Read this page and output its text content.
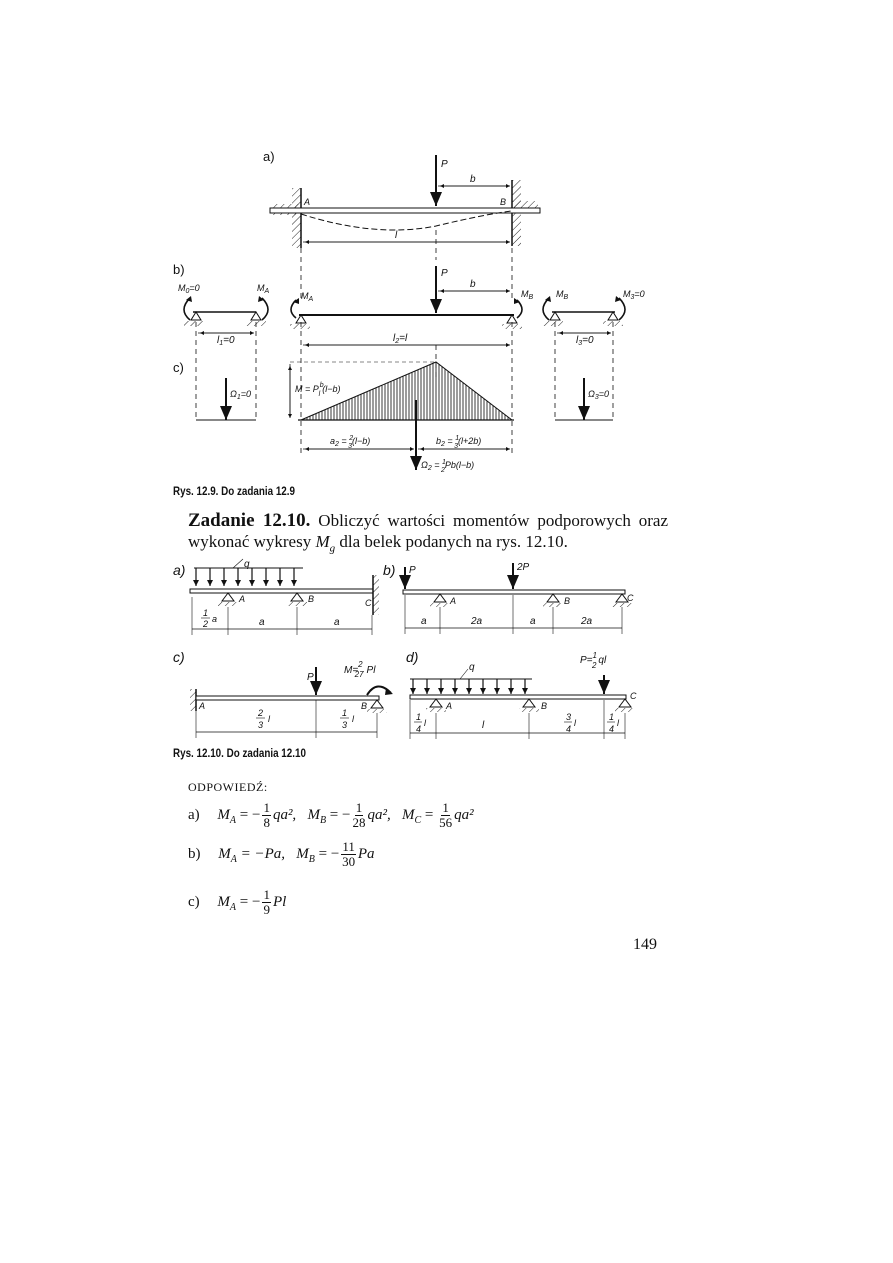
a)
b)
c)
P
b
A	B
l
$M_0=0$	$M_A$
$l_1=0$
$M_A$
$M_B$
P
b
$l_2=l$
$M_B$	$M_3=0$
$l_3=0$
$\Omega_1=0$	$\Omega_3=0$
$M = P^b$ l(l−b)
$a_2 = ^2$ 3(l−b)	$b_2 = ^1$ 3(l+2b)
$\Omega_2 = ^1$ 2Pb(l−b)
Rys. 12.9. Do zadania 12.9
Zadanie 12.10. Obliczyć wartości momentów podporowych oraz wykonać wykresy $M_g$ dla belek podanych na rys. 12.10.
a)	q
A	B	C
1
2 a	a	a
b) P	2P
A	B	C
a	2a	a	2a
c)
P
M=$^2$ 27 Pl
A	B
2
3
l
1
3
l
d)
q
P=$^1$ 2 ql
A	B
C
1
4
l	l
3
4
l
1
4
l
Rys. 12.10. Do zadania 12.10
ODPOWIEDŹ:
a) $M_A$ = − $\frac{1}{8} qa^2$,   $M_B$ = − $\frac{1}{28} qa^2$,   $M_C = \frac{1}{56} qa^2$
b) $M_A = -Pa$,   $M_B$ = − $\frac{11}{30}$ Pa
c) $M_A$ = − $\frac{1}{9}$ Pl
149
